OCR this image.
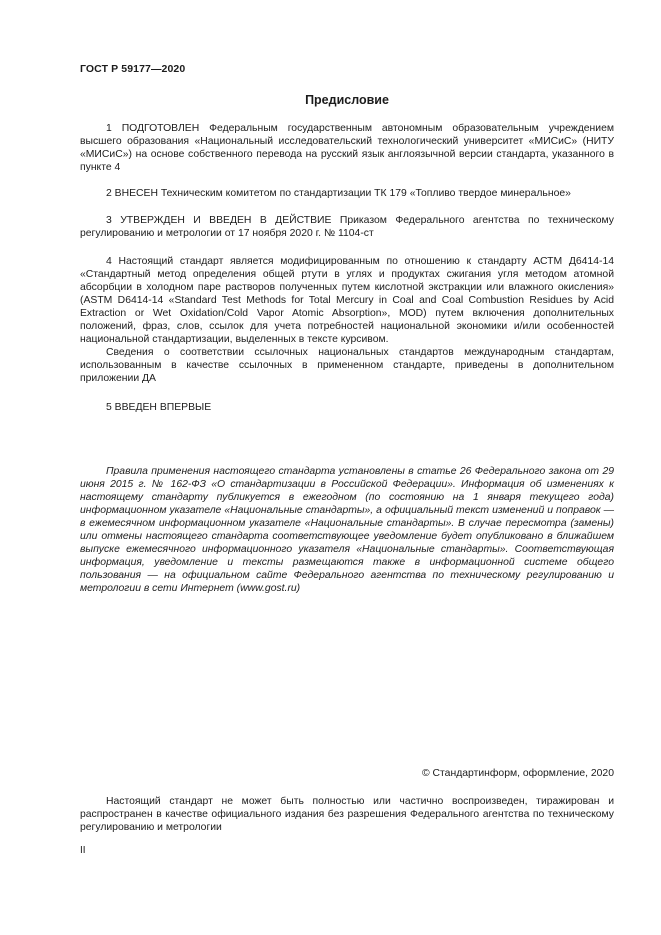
ГОСТ Р 59177—2020
Предисловие

1 ПОДГОТОВЛЕН Федеральным государственным автономным образовательным учреждением высшего образования «Национальный исследовательский технологический университет «МИСиС» (НИТУ «МИСиС») на основе собственного перевода на русский язык англоязычной версии стандарта, указанного в пункте 4

2 ВНЕСЕН Техническим комитетом по стандартизации ТК 179 «Топливо твердое минеральное»

3 УТВЕРЖДЕН И ВВЕДЕН В ДЕЙСТВИЕ Приказом Федерального агентства по техническому регулированию и метрологии от 17 ноября 2020 г. № 1104-ст

4 Настоящий стандарт является модифицированным по отношению к стандарту АСТМ Д6414-14 «Стандартный метод определения общей ртути в углях и продуктах сжигания угля методом атомной абсорбции в холодном паре растворов полученных путем кислотной экстракции или влажного окисления» (ASTM D6414-14 «Standard Test Methods for Total Mercury in Coal and Coal Combustion Residues by Acid Extraction or Wet Oxidation/Cold Vapor Atomic Absorption», MOD) путем включения дополнительных положений, фраз, слов, ссылок для учета потребностей национальной экономики и/или особенностей национальной стандартизации, выделенных в тексте курсивом.

Сведения о соответствии ссылочных национальных стандартов международным стандартам, использованным в качестве ссылочных в примененном стандарте, приведены в дополнительном приложении ДА

5 ВВЕДЕН ВПЕРВЫЕ

Правила применения настоящего стандарта установлены в статье 26 Федерального закона от 29 июня 2015 г. № 162-ФЗ «О стандартизации в Российской Федерации». Информация об изменениях к настоящему стандарту публикуется в ежегодном (по состоянию на 1 января текущего года) информационном указателе «Национальные стандарты», а официальный текст изменений и поправок — в ежемесячном информационном указателе «Национальные стандарты». В случае пересмотра (замены) или отмены настоящего стандарта соответствующее уведомление будет опубликовано в ближайшем выпуске ежемесячного информационного указателя «Национальные стандарты». Соответствующая информация, уведомление и тексты размещаются также в информационной системе общего пользования — на официальном сайте Федерального агентства по техническому регулированию и метрологии в сети Интернет (www.gost.ru)

© Стандартинформ, оформление, 2020

Настоящий стандарт не может быть полностью или частично воспроизведен, тиражирован и распространен в качестве официального издания без разрешения Федерального агентства по техническому регулированию и метрологии

II
